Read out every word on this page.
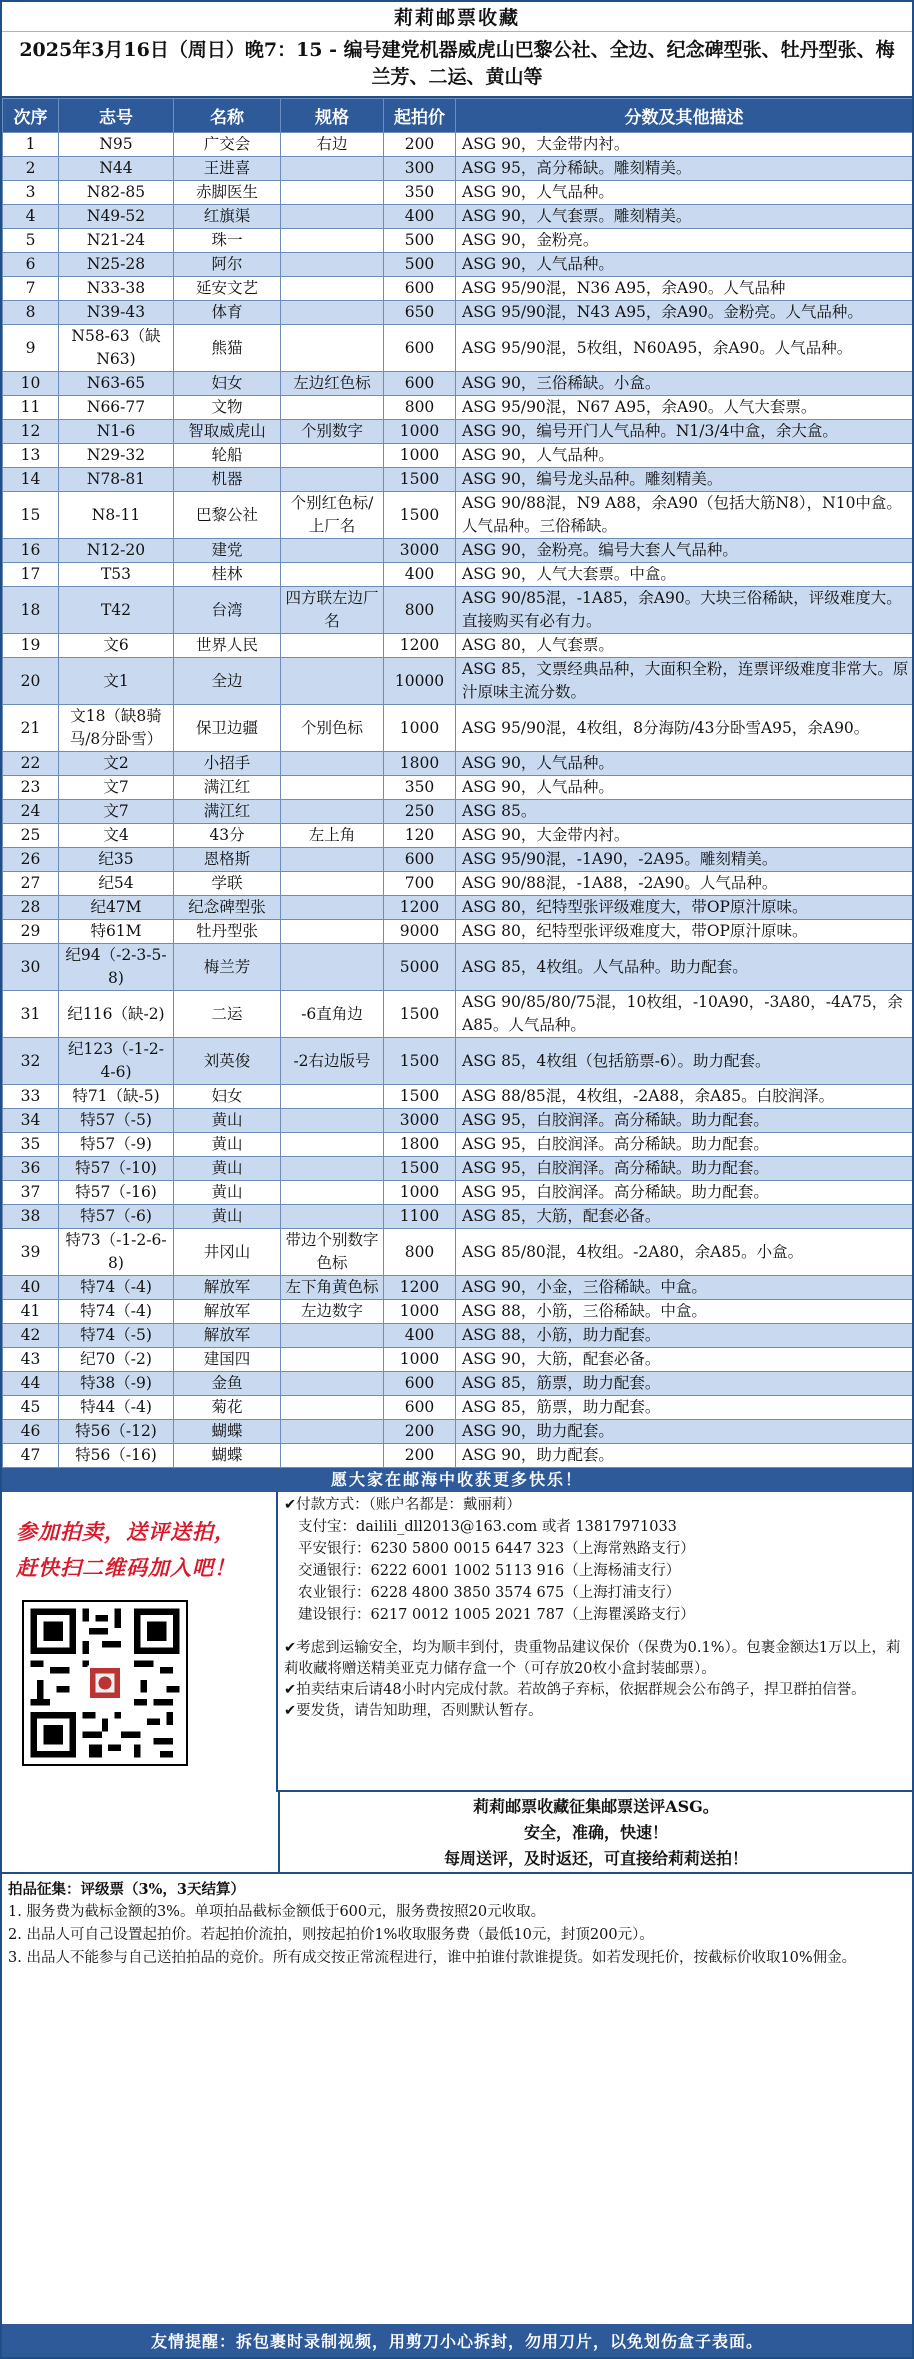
莉莉邮票收藏
2025年3月16日（周日）晚7：15 - 编号建党机器威虎山巴黎公社、全边、纪念碑型张、牡丹型张、梅兰芳、二运、黄山等
次序	志号	名称	规格	起拍价	分数及其他描述
1	N95	广交会	右边	200	ASG 90，大金带内衬。
2	N44	王进喜		300	ASG 95，高分稀缺。雕刻精美。
3	N82-85	赤脚医生		350	ASG 90，人气品种。
4	N49-52	红旗渠		400	ASG 90，人气套票。雕刻精美。
5	N21-24	珠一		500	ASG 90，金粉亮。
6	N25-28	阿尔		500	ASG 90，人气品种。
7	N33-38	延安文艺		600	ASG 95/90混，N36 A95，余A90。人气品种
8	N39-43	体育		650	ASG 95/90混，N43 A95，余A90。金粉亮。人气品种。
9	N58-63（缺N63)	熊猫		600	ASG 95/90混，5枚组，N60A95，余A90。人气品种。
10	N63-65	妇女	左边红色标	600	ASG 90，三俗稀缺。小盒。
11	N66-77	文物		800	ASG 95/90混，N67 A95，余A90。人气大套票。
12	N1-6	智取威虎山	个别数字	1000	ASG 90，编号开门人气品种。N1/3/4中盒，余大盒。
13	N29-32	轮船		1000	ASG 90，人气品种。
14	N78-81	机器		1500	ASG 90，编号龙头品种。雕刻精美。
15	N8-11	巴黎公社	个别红色标/上厂名	1500	ASG 90/88混，N9 A88，余A90（包括大筋N8），N10中盒。人气品种。三俗稀缺。
16	N12-20	建党		3000	ASG 90，金粉亮。编号大套人气品种。
17	T53	桂林		400	ASG 90，人气大套票。中盒。
18	T42	台湾	四方联左边厂名	800	ASG 90/85混，-1A85，余A90。大块三俗稀缺，评级难度大。直接购买有必有力。
19	文6	世界人民		1200	ASG 80，人气套票。
20	文1	全边		10000	ASG 85，文票经典品种，大面积全粉，连票评级难度非常大。原汁原味主流分数。
21	文18（缺8骑马/8分卧雪）	保卫边疆	个别色标	1000	ASG 95/90混，4枚组，8分海防/43分卧雪A95，余A90。
22	文2	小招手		1800	ASG 90，人气品种。
23	文7	满江红		350	ASG 90，人气品种。
24	文7	满江红		250	ASG 85。
25	文4	43分	左上角	120	ASG 90，大金带内衬。
26	纪35	恩格斯		600	ASG 95/90混，-1A90，-2A95。雕刻精美。
27	纪54	学联		700	ASG 90/88混，-1A88，-2A90。人气品种。
28	纪47M	纪念碑型张		1200	ASG 80，纪特型张评级难度大，带OP原汁原味。
29	特61M	牡丹型张		9000	ASG 80，纪特型张评级难度大，带OP原汁原味。
30	纪94（-2-3-5-8)	梅兰芳		5000	ASG 85，4枚组。人气品种。助力配套。
31	纪116（缺-2)	二运	-6直角边	1500	ASG 90/85/80/75混，10枚组，-10A90，-3A80，-4A75，余A85。人气品种。
32	纪123（-1-2-4-6)	刘英俊	-2右边版号	1500	ASG 85，4枚组（包括筋票-6）。助力配套。
33	特71（缺-5)	妇女		1500	ASG 88/85混，4枚组，-2A88，余A85。白胶润泽。
34	特57（-5)	黄山		3000	ASG 95，白胶润泽。高分稀缺。助力配套。
35	特57（-9)	黄山		1800	ASG 95，白胶润泽。高分稀缺。助力配套。
36	特57（-10)	黄山		1500	ASG 95，白胶润泽。高分稀缺。助力配套。
37	特57（-16)	黄山		1000	ASG 95，白胶润泽。高分稀缺。助力配套。
38	特57（-6)	黄山		1100	ASG 85，大筋，配套必备。
39	特73（-1-2-6-8)	井冈山	带边个别数字色标	800	ASG 85/80混，4枚组。-2A80，余A85。小盒。
40	特74（-4)	解放军	左下角黄色标	1200	ASG 90，小金，三俗稀缺。中盒。
41	特74（-4)	解放军	左边数字	1000	ASG 88，小筋，三俗稀缺。中盒。
42	特74（-5)	解放军		400	ASG 88，小筋，助力配套。
43	纪70（-2)	建国四		1000	ASG 90，大筋，配套必备。
44	特38（-9)	金鱼		600	ASG 85，筋票，助力配套。
45	特44（-4)	菊花		600	ASG 85，筋票，助力配套。
46	特56（-12)	蝴蝶		200	ASG 90，助力配套。
47	特56（-16)	蝴蝶		200	ASG 90，助力配套。
愿大家在邮海中收获更多快乐！
参加拍卖，送评送拍，
赶快扫二维码加入吧！
✔付款方式：（账户名都是：戴丽莉）
支付宝：dailili_dll2013@163.com 或者 13817971033
平安银行：6230 5800 0015 6447 323（上海常熟路支行）
交通银行：6222 6001 1002 5113 916（上海杨浦支行）
农业银行：6228 4800 3850 3574 675（上海打浦支行）
建设银行：6217 0012 1005 2021 787（上海瞿溪路支行）
✔考虑到运输安全，均为顺丰到付，贵重物品建议保价（保费为0.1%）。包裹金额达1万以上，莉莉收藏将赠送精美亚克力储存盒一个（可存放20枚小盒封装邮票）。
✔拍卖结束后请48小时内完成付款。若故鸽子弃标，依据群规会公布鸽子，捍卫群拍信誉。
✔要发货，请告知助理，否则默认暂存。
莉莉邮票收藏征集邮票送评ASG。
安全，准确，快速！
每周送评，及时返还，可直接给莉莉送拍！
拍品征集：评级票（3%，3天结算）
1. 服务费为截标金额的3%。单项拍品截标金额低于600元，服务费按照20元收取。
2. 出品人可自己设置起拍价。若起拍价流拍，则按起拍价1%收取服务费（最低10元，封顶200元）。
3. 出品人不能参与自己送拍拍品的竞价。所有成交按正常流程进行，谁中拍谁付款谁提货。如若发现托价，按截标价收取10%佣金。
友情提醒：拆包裹时录制视频，用剪刀小心拆封，勿用刀片，以免划伤盒子表面。
